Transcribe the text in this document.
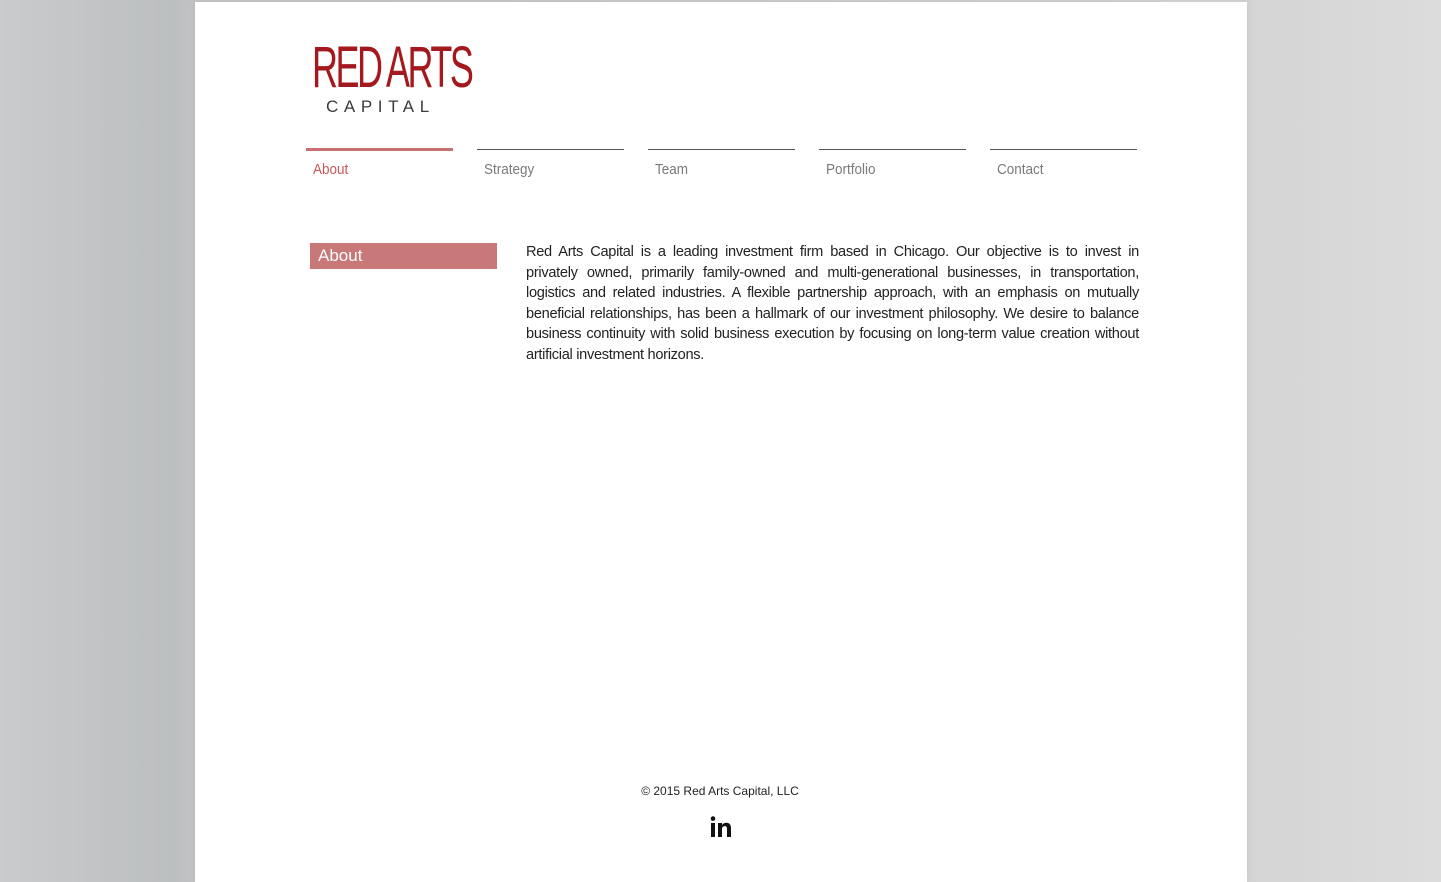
RED ARTS
CAPITAL
About	Strategy	Team	Portfolio	Contact
About	Red Arts Capital is a leading investment firm based in Chicago. Our objective is to invest in privately owned, primarily family-owned and multi-generational businesses, in transportation, logistics and related industries. A flexible partnership approach, with an emphasis on mutually beneficial relationships, has been a hallmark of our investment philosophy. We desire to balance business continuity with solid business execution by focusing on long-term value creation without artificial investment horizons.

© 2015 Red Arts Capital, LLC
